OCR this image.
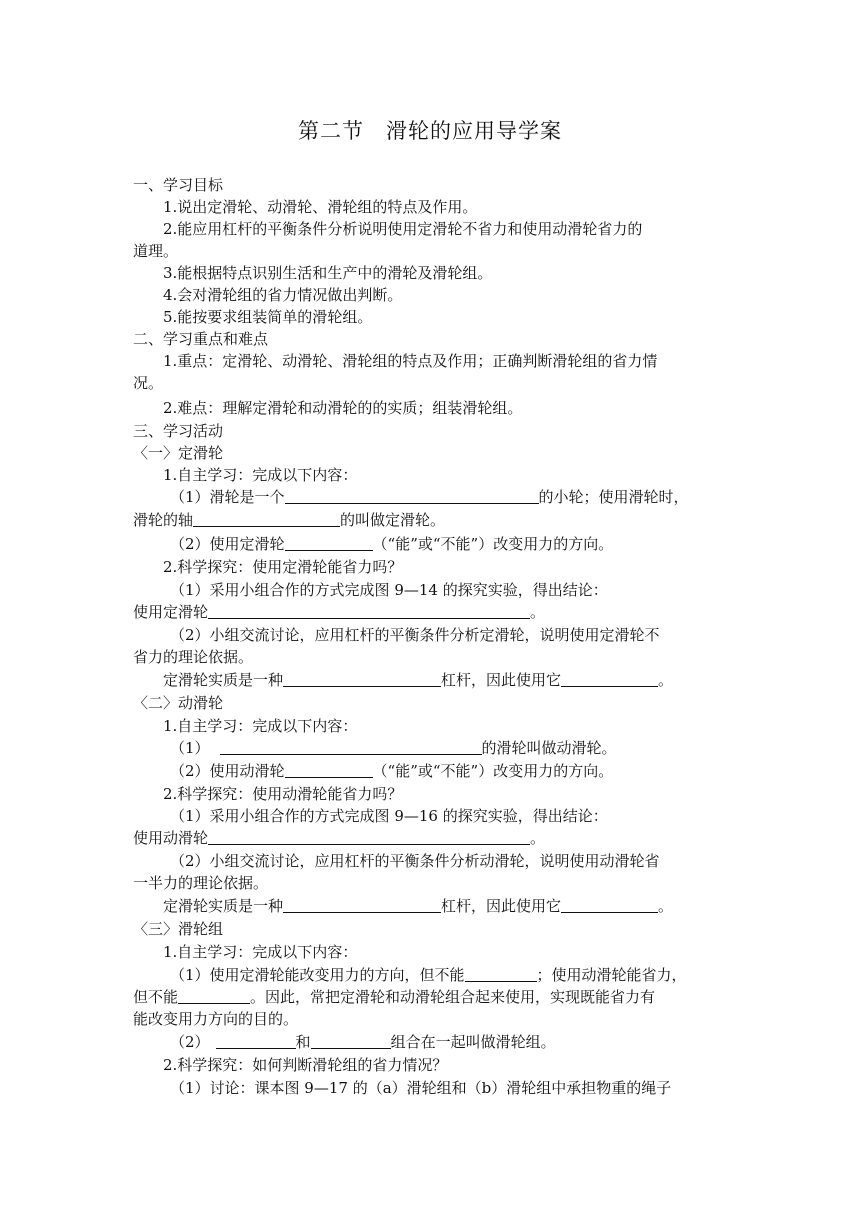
第二节　滑轮的应用导学案
一、学习目标
1.说出定滑轮、动滑轮、滑轮组的特点及作用。
2.能应用杠杆的平衡条件分析说明使用定滑轮不省力和使用动滑轮省力的
道理。
3.能根据特点识别生活和生产中的滑轮及滑轮组。
4.会对滑轮组的省力情况做出判断。
5.能按要求组装简单的滑轮组。
二、学习重点和难点
1.重点：定滑轮、动滑轮、滑轮组的特点及作用；正确判断滑轮组的省力情
况。
2.难点：理解定滑轮和动滑轮的的实质；组装滑轮组。
三、学习活动
〈一〉定滑轮
1.自主学习：完成以下内容：
（1）滑轮是一个	的小轮；使用滑轮时，
滑轮的轴	的叫做定滑轮。
（2）使用定滑轮	（“能”或“不能”）改变用力的方向。
2.科学探究：使用定滑轮能省力吗？
（1）采用小组合作的方式完成图 9—14 的探究实验，得出结论：
使用定滑轮	。
（2）小组交流讨论，应用杠杆的平衡条件分析定滑轮，说明使用定滑轮不
省力的理论依据。
定滑轮实质是一种	杠杆，因此使用它	。
〈二〉动滑轮
1.自主学习：完成以下内容：
（1）	的滑轮叫做动滑轮。
（2）使用动滑轮	（“能”或“不能”）改变用力的方向。
2.科学探究：使用动滑轮能省力吗？
（1）采用小组合作的方式完成图 9—16 的探究实验，得出结论：
使用动滑轮	。
（2）小组交流讨论，应用杠杆的平衡条件分析动滑轮，说明使用动滑轮省
一半力的理论依据。
定滑轮实质是一种	杠杆，因此使用它	。
〈三〉滑轮组
1.自主学习：完成以下内容：
（1）使用定滑轮能改变用力的方向，但不能	；使用动滑轮能省力，
但不能	。因此，常把定滑轮和动滑轮组合起来使用，实现既能省力有
能改变用力方向的目的。
（2）	和	组合在一起叫做滑轮组。
2.科学探究：如何判断滑轮组的省力情况？
（1）讨论：课本图 9—17 的（a）滑轮组和（b）滑轮组中承担物重的绳子
